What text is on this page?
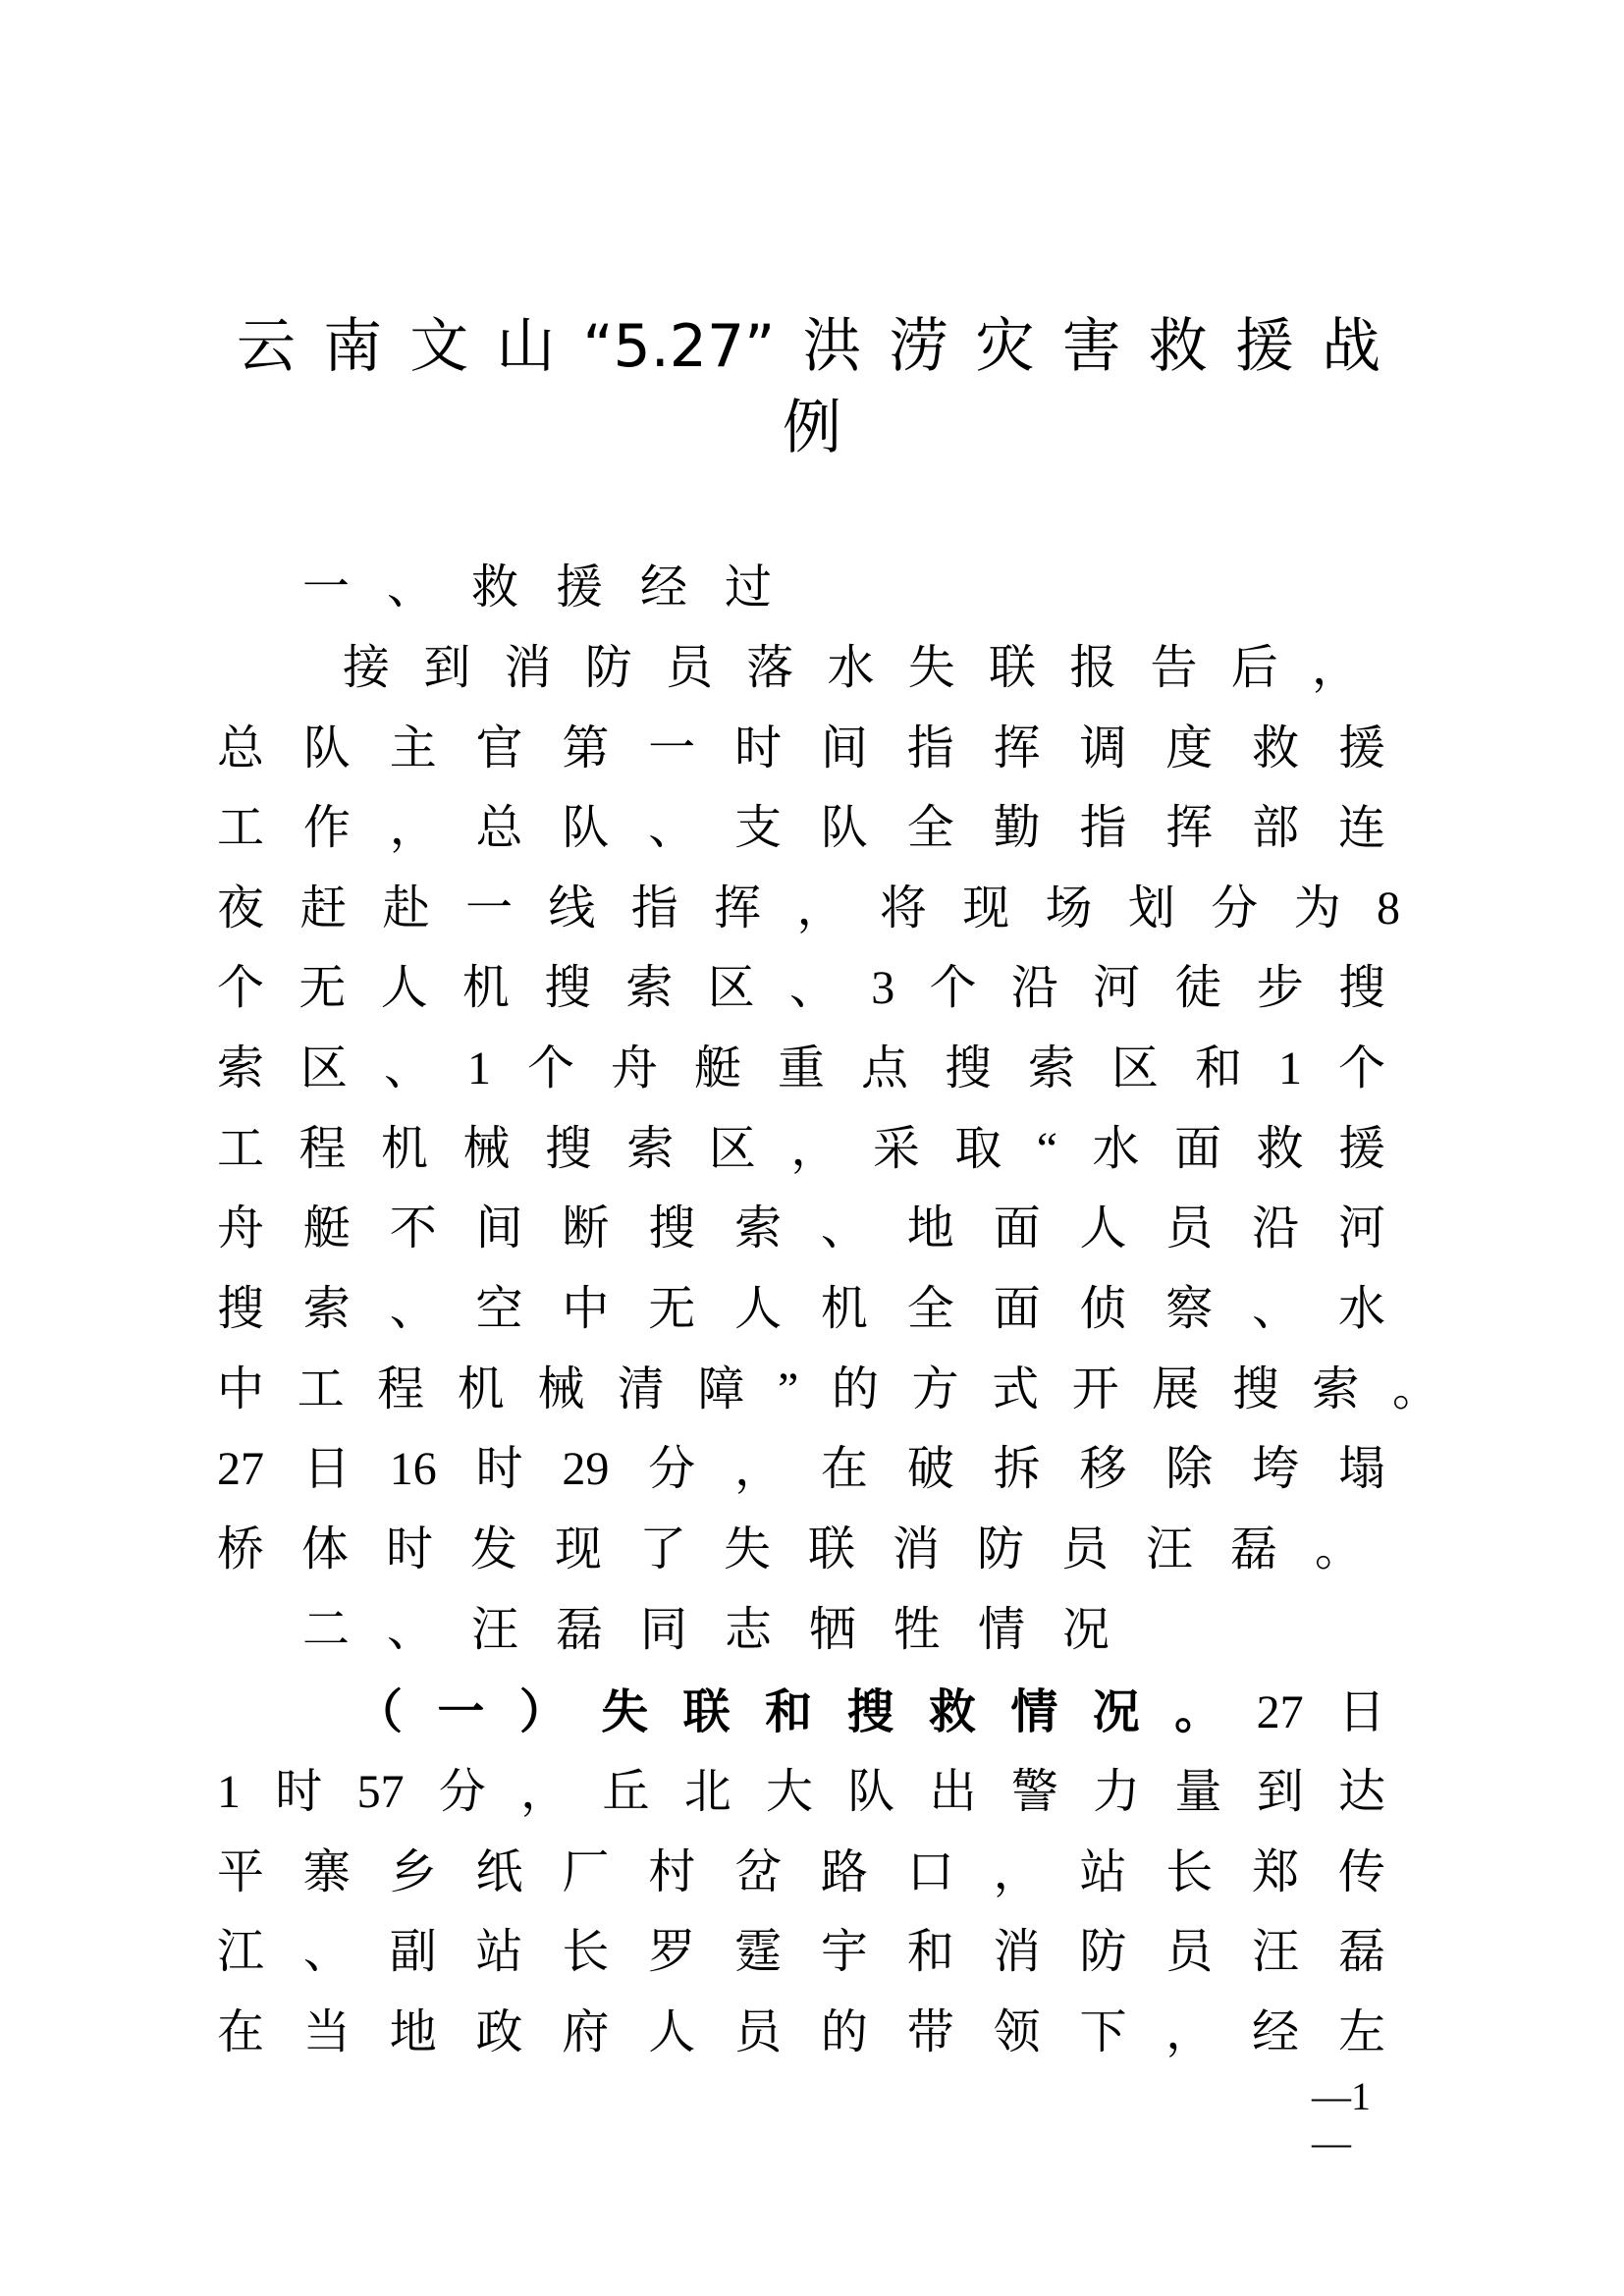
云南文山“5.27”洪涝灾害救援战
例
一、救援经过
接到消防员落水失联报告后，
总队主官第一时间指挥调度救援
工作，总队、支队全勤指挥部连
夜赶赴一线指挥，将现场划分为8
个无人机搜索区、3个沿河徒步搜
索区、1个舟艇重点搜索区和1个
工程机械搜索区，采取“水面救援
舟艇不间断搜索、地面人员沿河
搜索、空中无人机全面侦察、水
中工程机械清障”的方式开展搜索。
27日16时29分，在破拆移除垮塌
桥体时发现了失联消防员汪磊。
二、汪磊同志牺牲情况
（一）失联和搜救情况。27日
1时57分，丘北大队出警力量到达
平寨乡纸厂村岔路口，站长郑传
江、副站长罗霆宇和消防员汪磊
在当地政府人员的带领下，经左
—1—
